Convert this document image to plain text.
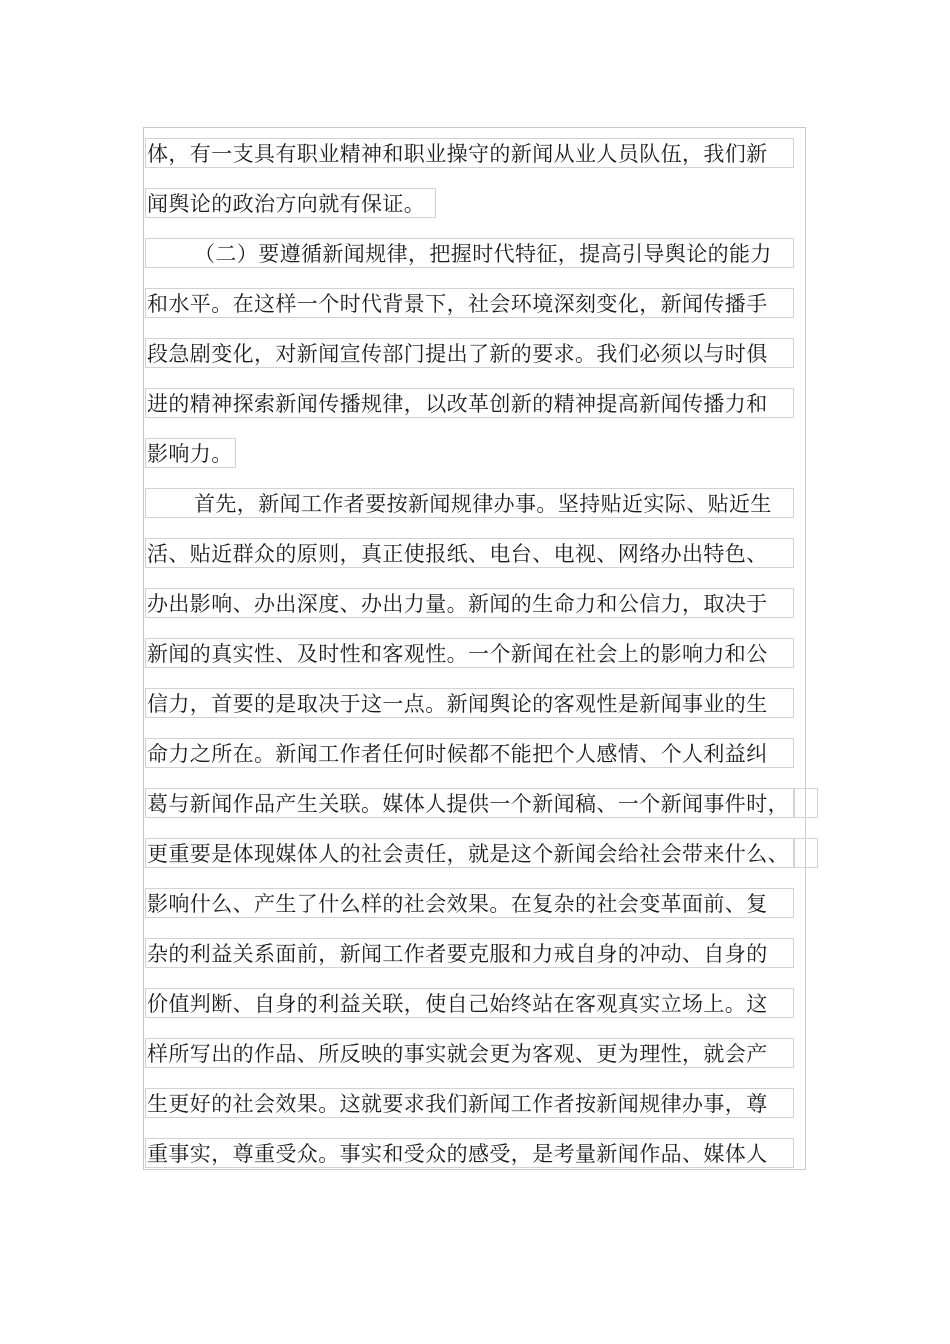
体，有一支具有职业精神和职业操守的新闻从业人员队伍，我们新
闻舆论的政治方向就有保证。
（二）要遵循新闻规律，把握时代特征，提高引导舆论的能力
和水平。在这样一个时代背景下，社会环境深刻变化，新闻传播手
段急剧变化，对新闻宣传部门提出了新的要求。我们必须以与时俱
进的精神探索新闻传播规律，以改革创新的精神提高新闻传播力和
影响力。
首先，新闻工作者要按新闻规律办事。坚持贴近实际、贴近生
活、贴近群众的原则，真正使报纸、电台、电视、网络办出特色、
办出影响、办出深度、办出力量。新闻的生命力和公信力，取决于
新闻的真实性、及时性和客观性。一个新闻在社会上的影响力和公
信力，首要的是取决于这一点。新闻舆论的客观性是新闻事业的生
命力之所在。新闻工作者任何时候都不能把个人感情、个人利益纠
葛与新闻作品产生关联。媒体人提供一个新闻稿、一个新闻事件时，
更重要是体现媒体人的社会责任，就是这个新闻会给社会带来什么、
影响什么、产生了什么样的社会效果。在复杂的社会变革面前、复
杂的利益关系面前，新闻工作者要克服和力戒自身的冲动、自身的
价值判断、自身的利益关联，使自己始终站在客观真实立场上。这
样所写出的作品、所反映的事实就会更为客观、更为理性，就会产
生更好的社会效果。这就要求我们新闻工作者按新闻规律办事，尊
重事实，尊重受众。事实和受众的感受，是考量新闻作品、媒体人
